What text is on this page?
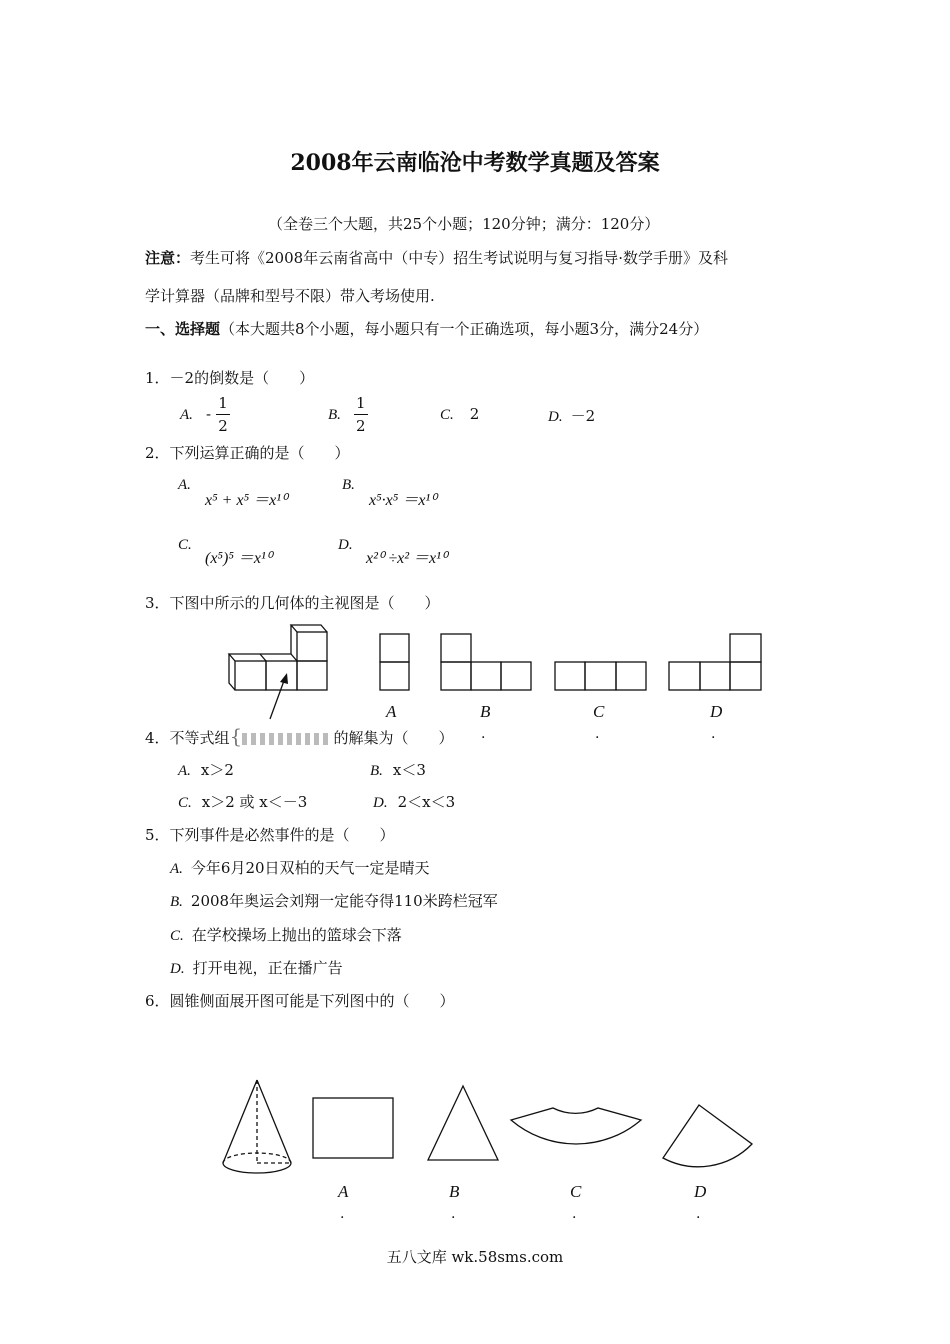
2008年云南临沧中考数学真题及答案
（全卷三个大题，共25个小题；120分钟；满分：120分）
注意：考生可将《2008年云南省高中（中专）招生考试说明与复习指导·数学手册》及科
学计算器（品牌和型号不限）带入考场使用.
一、选择题（本大题共8个小题，每小题只有一个正确选项，每小题3分，满分24分）
1．－2的倒数是（　　）
A. - $\frac{1}{2}$	B. $\frac{1}{2}$	C. 2	D. －2
2．下列运算正确的是（　　）
A.
x⁵ + x⁵ ＝x¹⁰
B.
x⁵·x⁵ ＝x¹⁰
C.
(x⁵)⁵ ＝x¹⁰
D.
x²⁰ ÷x² ＝x¹⁰
3．下图中所示的几何体的主视图是（　　）
A	B	C	D
.	.	.
4．不等式组{	的解集为（　　）
A. x＞2	B. x＜3
C. x＞2 或 x＜－3	D. 2＜x＜3
5．下列事件是必然事件的是（　　）
A. 今年6月20日双柏的天气一定是晴天
B. 2008年奥运会刘翔一定能夺得110米跨栏冠军
C. 在学校操场上抛出的篮球会下落
D. 打开电视，正在播广告
6．圆锥侧面展开图可能是下列图中的（　　）
A	B	C	D
.	.	.	.
五八文库 wk.58sms.com
